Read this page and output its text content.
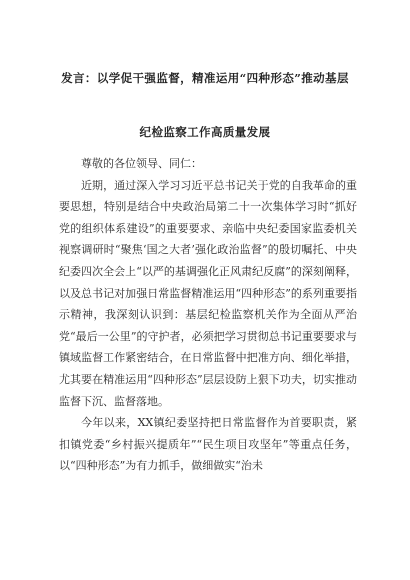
发言：以学促干强监督，精准运用“四种形态”推动基层
纪检监察工作高质量发展

尊敬的各位领导、同仁：

近期，通过深入学习习近平总书记关于党的自我革命的重要思想，特别是结合中央政治局第二十一次集体学习时“抓好党的组织体系建设”的重要要求、亲临中央纪委国家监委机关视察调研时“聚焦‘国之大者’强化政治监督”的殷切嘱托、中央纪委四次全会上“以严的基调强化正风肃纪反腐”的深刻阐释，以及总书记对加强日常监督精准运用“四种形态”的系列重要指示精神，我深刻认识到：基层纪检监察机关作为全面从严治党“最后一公里”的守护者，必须把学习贯彻总书记重要要求与镇域监督工作紧密结合，在日常监督中把准方向、细化举措，尤其要在精准运用“四种形态”层层设防上狠下功夫，切实推动监督下沉、监督落地。

今年以来，XX镇纪委坚持把日常监督作为首要职责，紧扣镇党委“乡村振兴提质年”“民生项目攻坚年”等重点任务，以“四种形态”为有力抓手，做细做实“治未
